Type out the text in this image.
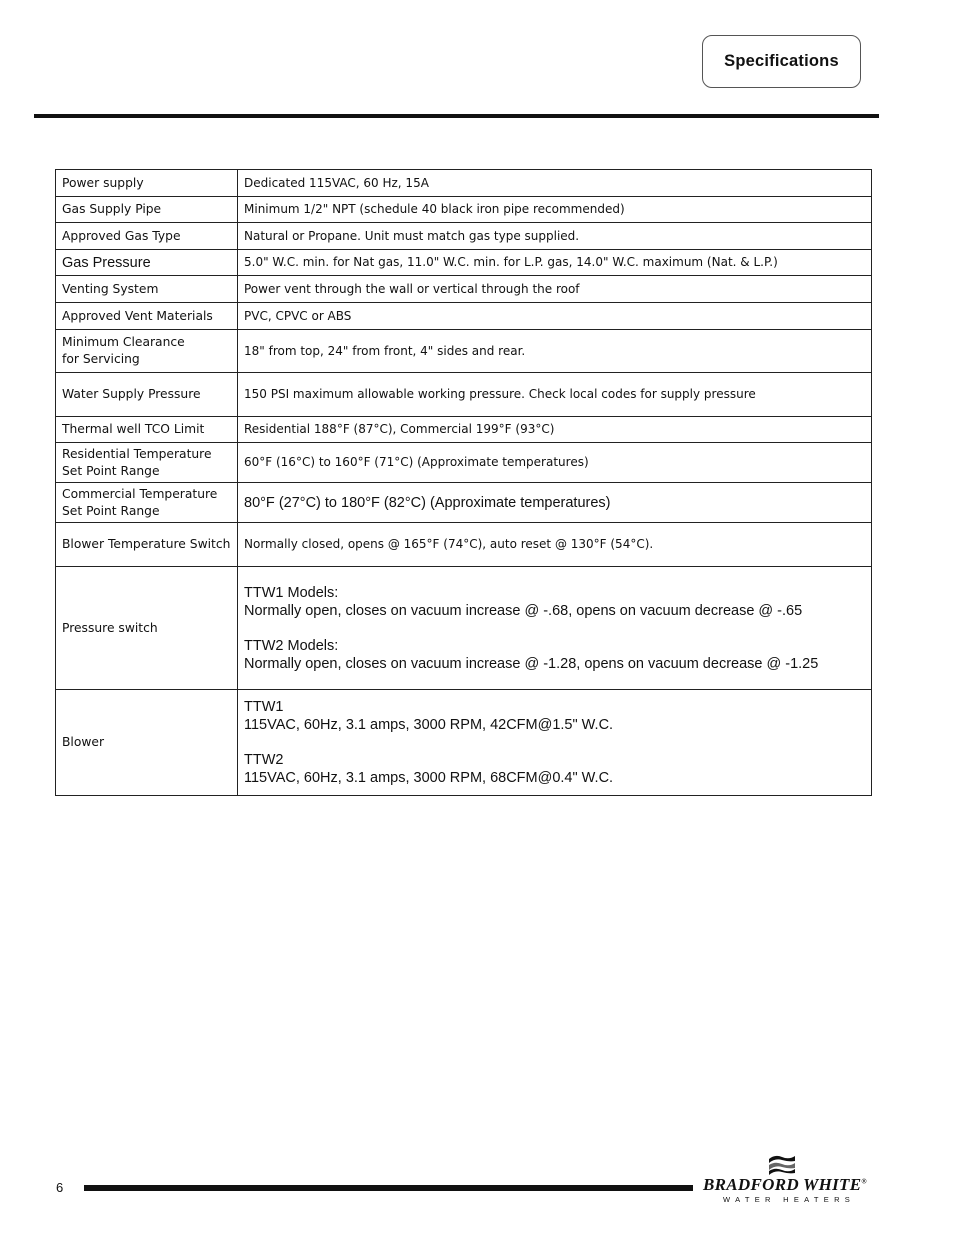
Specifications
Power supply	Dedicated 115VAC, 60 Hz, 15A
Gas Supply Pipe	Minimum 1/2" NPT (schedule 40 black iron pipe recommended)
Approved Gas Type	Natural or Propane. Unit must match gas type supplied.
Gas Pressure	5.0" W.C. min. for Nat gas, 11.0" W.C. min. for L.P. gas, 14.0" W.C. maximum (Nat. & L.P.)
Venting System	Power vent through the wall or vertical through the roof
Approved Vent Materials	PVC, CPVC or ABS

Minimum Clearance
for Servicing	18" from top, 24" from front, 4" sides and rear.
Water Supply Pressure	150 PSI maximum allowable working pressure. Check local codes for supply pressure
Thermal well TCO Limit	Residential 188°F (87°C), Commercial 199°F (93°C)

Residential Temperature
Set Point Range	60°F (16°C) to 160°F (71°C) (Approximate temperatures)

Commercial Temperature
Set Point Range	80°F (27°C) to 180°F (82°C) (Approximate temperatures)
Blower Temperature Switch	Normally closed, opens @ 165°F (74°C), auto reset @ 130°F (54°C).
Pressure switch	TTW1 Models:
Normally open, closes on vacuum increase @ -.68, opens on vacuum decrease @ -.65
TTW2 Models:
Normally open, closes on vacuum increase @ -1.28, opens on vacuum decrease @ -1.25

Blower	TTW1
115VAC, 60Hz, 3.1 amps, 3000 RPM, 42CFM@1.5" W.C.
TTW2
115VAC, 60Hz, 3.1 amps, 3000 RPM, 68CFM@0.4" W.C.
6	BRADFORD WHITE®
WATER HEATERS
